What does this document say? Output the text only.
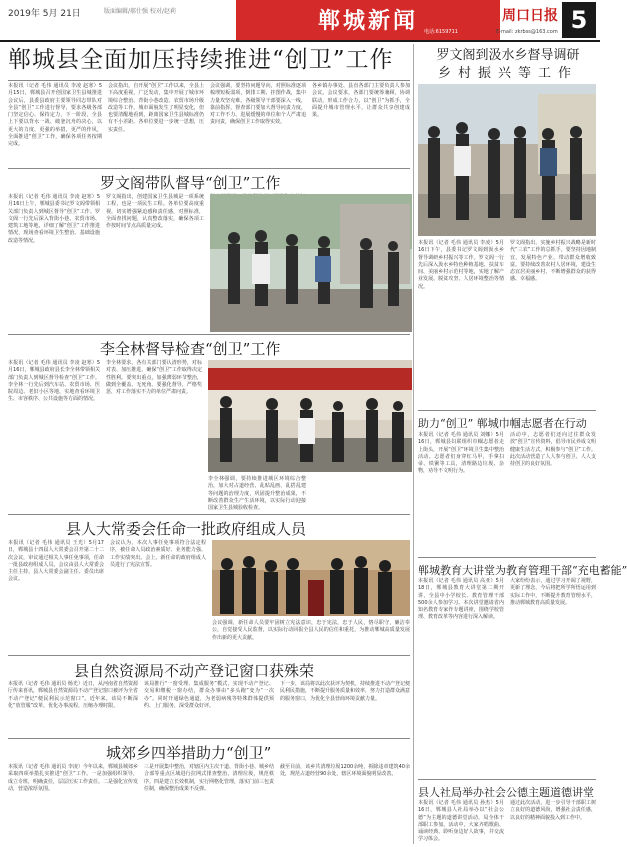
2019年 5月 21日	版面编辑/郝仕强 校对/赵莉	郸城新闻	电话:6159711
周口日报
E-mail: zkrbss@163.com 5
郸城县全面加压持续推进“创卫”工作
本报讯（记者 毛伟 通讯员 李凌 赵寒）5月15日，郸城县召开创国家卫生县城推进会议后，县委县政府主要领导同志带队对全县“创卫”工作进行督导，要求各级各部门坚定信心、保持定力，下一阶段，全县上下要以背水一战、破釜沉舟的决心，以更大的力度，更强的举措，更严的作风，全面推进“创卫”工作，确保各项任务按期完成。
会议指出，自开展“创卫”工作以来，全县上下高度重视，广泛发动，集中开展了城市环境综合整治、背街小巷改造、农贸市场升级改造等工作，城市面貌发生了明显变化，但也要清醒地看到，距离国家卫生县城标准仍有不小差距。各单位要进一步统一思想，压实责任。
会议强调，要坚持问题导向，对照标准逐项梳理短板弱项，倒排工期、挂图作战，集中力量攻坚克难。各级领导干部要深入一线，靠前指挥，督查部门要加大督导问责力度，对工作不力、进展缓慢的单位和个人严肃追责问责，确保创卫工作取得实效。
各乡镇办事处、县直各部门主要负责人参加会议。会议要求，各部门要统筹兼顾，协调联动，形成工作合力，以“创卫”为抓手，全面提升城市管理水平，让群众共享创建成果。
罗文阁带队督导“创卫”工作
本报讯（记者 毛伟 通讯员 李凌 赵寒）5月16日上午，郸城县委书记罗文阁带领相关部门负责人到城区督导“创卫”工作。罗文阁一行先后深入背街小巷、农贸市场、建筑工地等地，详细了解“创卫”工作推进情况，现场查看环境卫生整治、基础设施改造等情况。
罗文阁指出，创建国家卫生县城是一项系统工程，也是一项民生工程。各单位要高度重视，切实增强紧迫感和责任感，对照标准，全面查找问题，认真整改落实，确保各项工作按时间节点高质量完成。
李全林督导检查“创卫”工作
本报讯（记者 毛伟 通讯员 李凌 赵寒）5月16日，郸城县政府县长李全林带领相关部门负责人到城区督导检查“创卫”工作。李全林一行先后到汽车站、农贸市场、医院周边、老旧小区等地，实地查看环境卫生、市容秩序、公共设施等方面的情况。
李全林要求，各有关部门要认清形势，对标对表，加压推进，确保“创卫”工作取得决定性胜利。要突出重点，加强薄弱环节整治，做到全覆盖、无死角。要强化督导，严格奖惩，对工作落实不力的单位严肃问责。
李全林强调，要持续推进城区环境综合整治，加大对占道经营、乱贴乱画、乱搭乱建等问题的治理力度，巩固提升整治成果，不断改善群众生产生活环境，以实际行动迎接国家卫生县城验收检查。
县人大常委会任命一批政府组成人员
本报讯（记者 毛伟 通讯员 王光）5月17日，郸城县十四届人大常委会召开第二十二次会议，审议通过相关人事任免事项，任命一批县政府组成人员。会议由县人大常委会主任主持，县人大常委会副主任、委员出席会议。
会议认为，本次人事任免事项符合法定程序，被任命人员政治素质好、业务能力强、工作实绩突出。会上，新任命的政府组成人员进行了宪法宣誓。
会议强调，新任命人员要牢固树立宪法意识，忠于宪法，忠于人民，恪尽职守，廉洁奉公，自觉接受人民监督，以实际行动回报全县人民的信任和重托，为推动郸城高质量发展作出新的更大贡献。
县自然资源局不动产登记窗口获殊荣
本报讯（记者 毛伟 通讯员 杨光）近日，从河南省自然资源厅传来喜讯，郸城县自然资源局不动产登记窗口被评为全省不动产登记“便民利民示范窗口”。近年来，该局不断深化“放管服”改革，优化办事流程，压缩办理时限。
该局推行“一窗受理、集成服务”模式，实现不动产登记、交易和缴税一窗办结，群众办事由“多头跑”变为“一次办”。同时开通绿色通道，为老弱病残等特殊群体提供预约、上门服务，深受群众好评。
下一步，该局将以此次获评为契机，持续推进不动产登记便民利民措施，不断提升服务质量和效率，努力打造群众满意的服务窗口，为优化全县营商环境贡献力量。
城郊乡四举措助力“创卫”
本报讯（记者 毛伟 通讯员 李凌）今年以来，郸城县城郊乡采取四项举措扎实推进“创卫”工作。一是加强组织领导，成立专班，明确责任，层层压实工作责任。二是强化宣传发动，营造浓厚氛围。
三是开展集中整治，对辖区内主次干道、背街小巷、城乡结合部等重点区域进行拉网式排查整治，清理垃圾，规范秩序。四是建立长效机制，实行网格化管理，落实门前三包责任制，确保整治成果不反弹。
截至目前，该乡共清理垃圾1200余吨，拆除违章建筑40余处，规范占道经营90余处，辖区环境面貌明显改善。
罗文阁到汲水乡督导调研
乡村振兴等工作
本报讯（记者 毛伟 通讯员 李凌）5月16日下午，县委书记罗文阁到汲水乡督导调研乡村振兴等工作。罗文阁一行先后深入汲水乡特色种植基地、扶贫车间、美丽乡村示范村等地，实地了解产业发展、脱贫攻坚、人居环境整治等情况。
罗文阁指出，实施乡村振兴战略是新时代“三农”工作的总抓手。要坚持因地制宜，发展特色产业，带动群众增收致富。要持续改善农村人居环境，建设生态宜居美丽乡村，不断增强群众的获得感、幸福感。
助力“创卫” 郸城巾帼志愿者在行动
本报讯（记者 毛伟 通讯员 刘娜）5月16日，郸城县妇联组织巾帼志愿者走上街头，开展“创卫”环境卫生集中整治活动。志愿者们身穿红马甲，手拿扫帚、铁锹等工具，清理路边垃圾、杂物，劝导不文明行为。
活动中，志愿者们还向过往群众发放“创卫”宣传资料，倡导市民养成文明健康生活方式，积极参与“创卫”工作。此次活动营造了人人参与创卫、人人支持创卫的良好氛围。
郸城教育大讲堂为教育管理干部“充电蓄能”
本报讯（记者 毛伟 通讯员 高亚）5月18日，郸城县教育大讲堂第二期开讲，全县中小学校长、教育管理干部500余人参加学习。本次讲堂邀请省内知名教育专家作专题讲座，围绕学校管理、教育改革等内容进行深入解读。
大家纷纷表示，通过学习开阔了视野，更新了理念，今后将把所学所悟运用到实际工作中，不断提升教育管理水平，推动郸城教育高质量发展。
县人社局举办社会公德主题道德讲堂
本报讯（记者 毛伟 通讯员 孙杰）5月16日，郸城县人社局举办以“社会公德”为主题的道德讲堂活动，局全体干部职工参加。活动中，大家齐唱歌曲、诵读经典、聆听身边好人故事，并交流学习体会。
通过此次活动，进一步引导干部职工树立良好的道德风尚，增强社会责任感，以良好的精神面貌投入到工作中。
